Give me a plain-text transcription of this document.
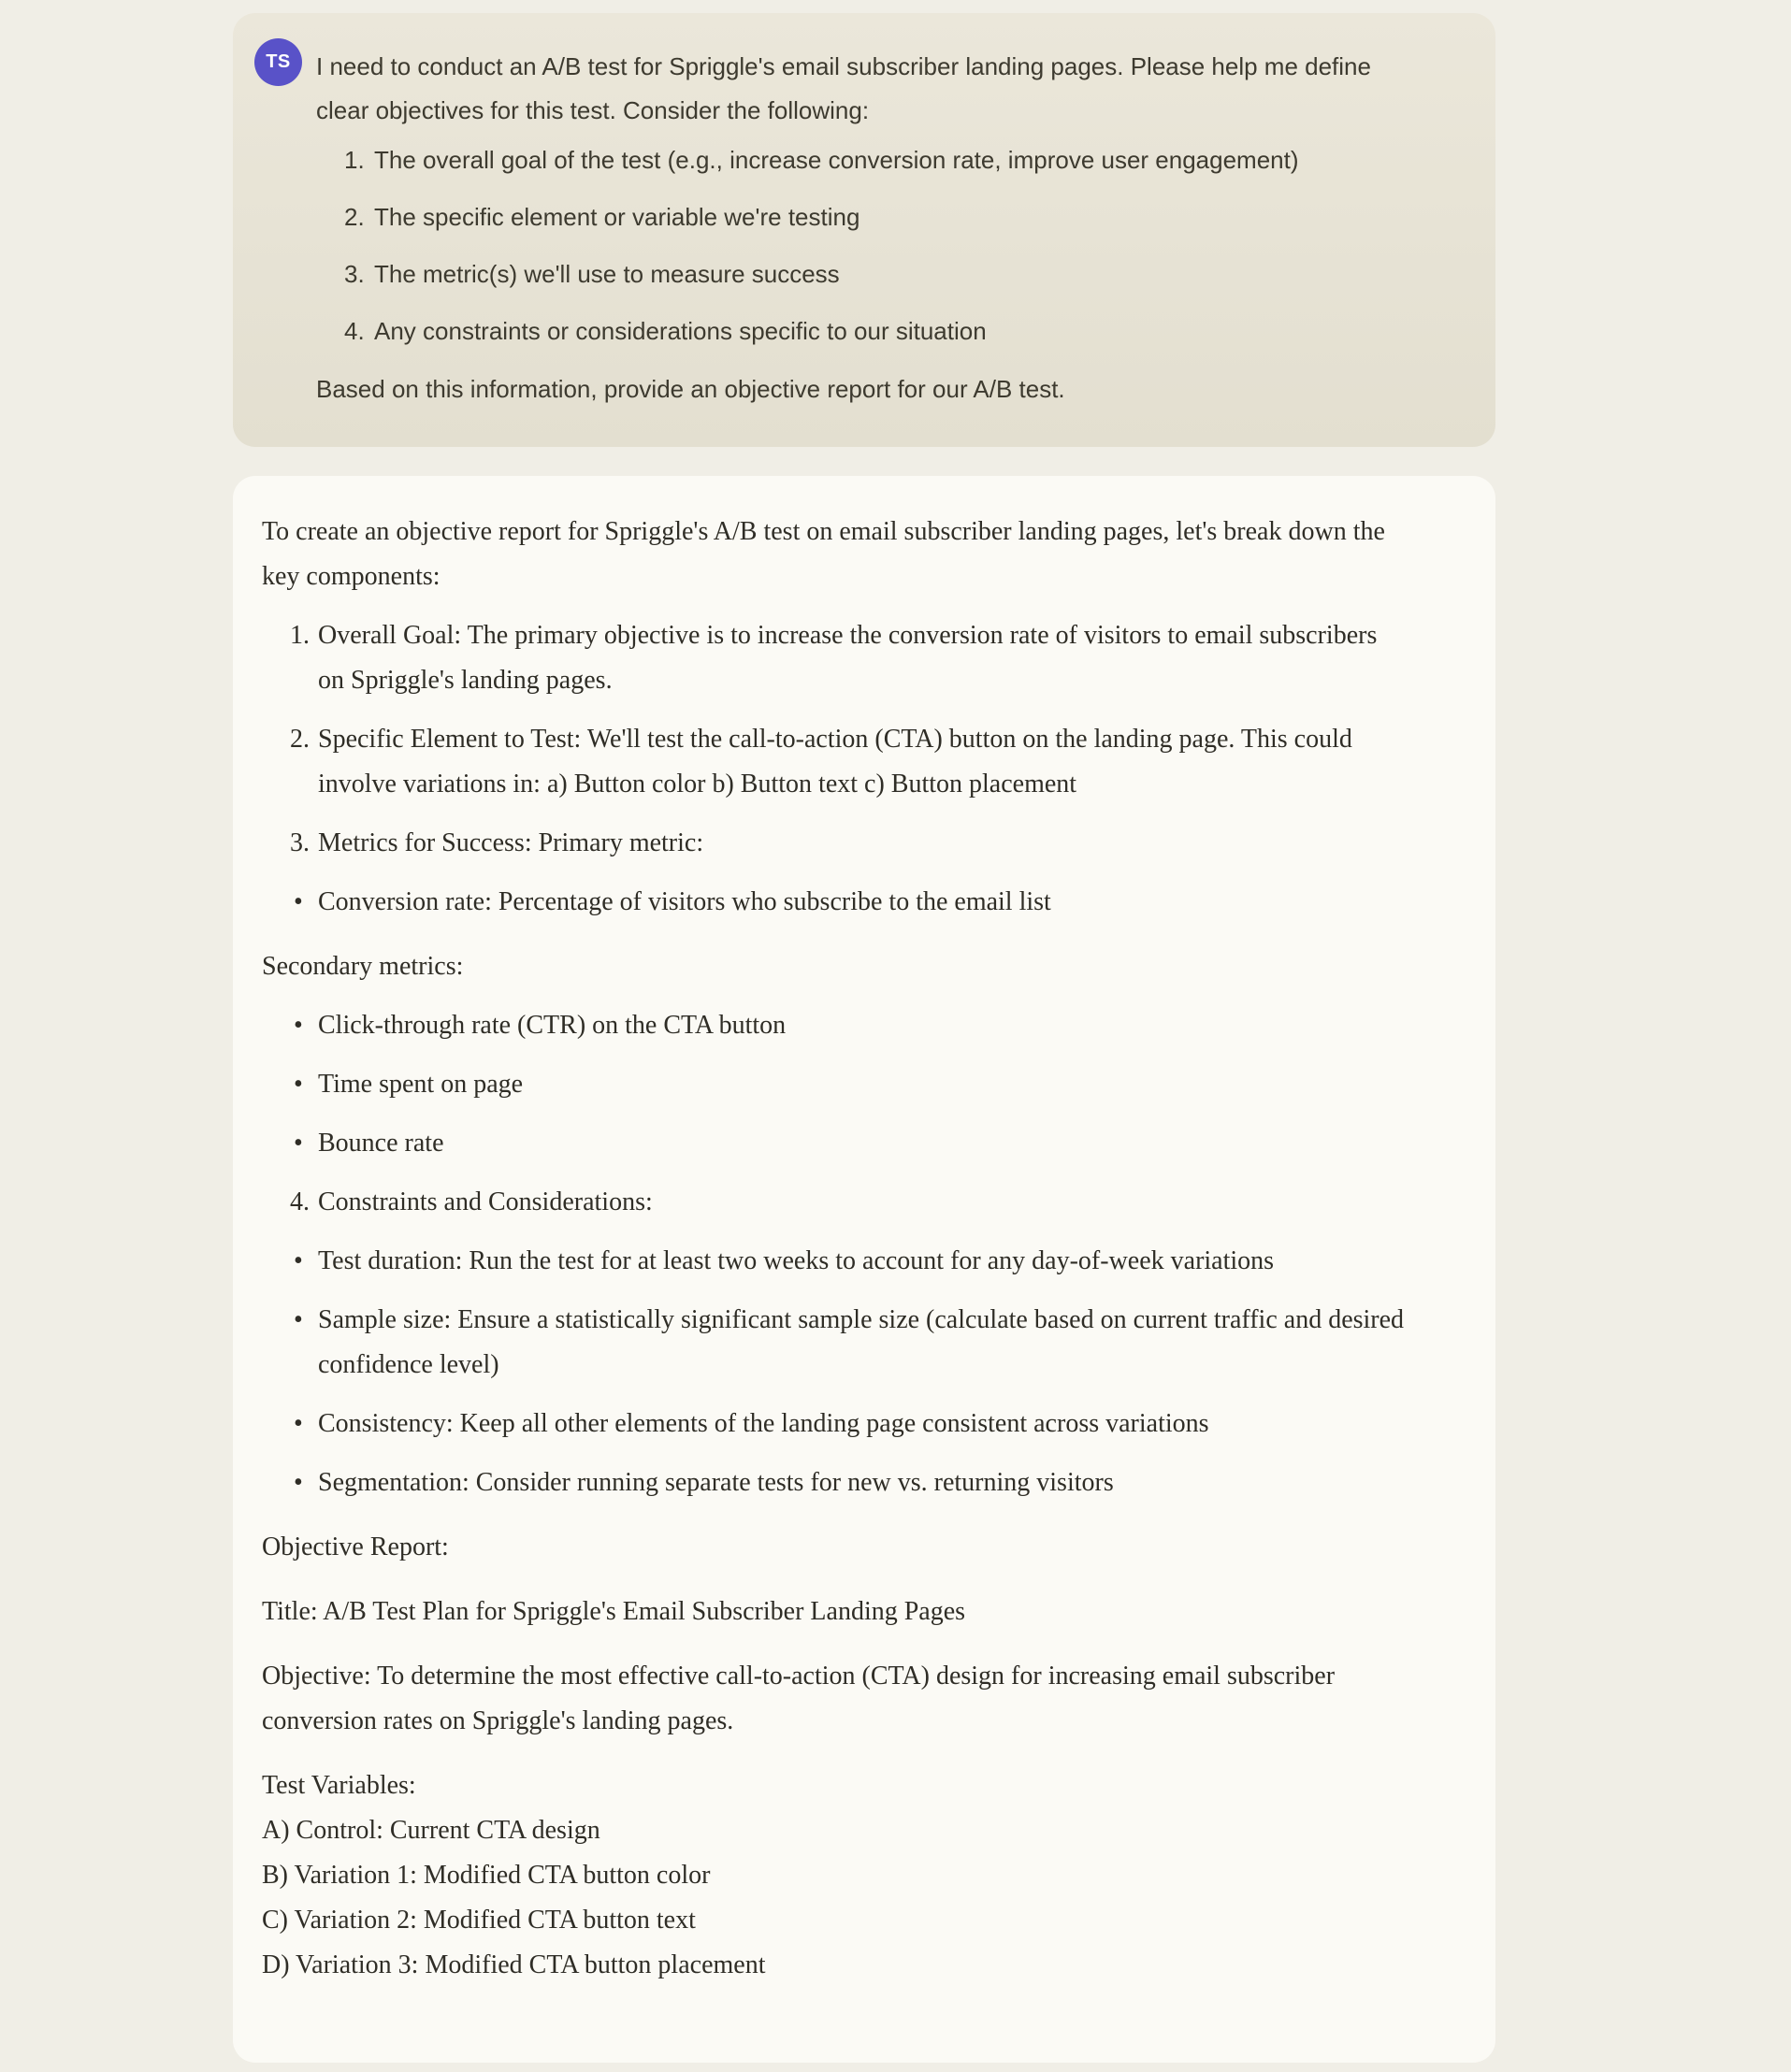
TS	I need to conduct an A/B test for Spriggle's email subscriber landing pages. Please help me define clear objectives for this test. Consider the following:

1. The overall goal of the test (e.g., increase conversion rate, improve user engagement)
2. The specific element or variable we're testing
3. The metric(s) we'll use to measure success
4. Any constraints or considerations specific to our situation

Based on this information, provide an objective report for our A/B test.

To create an objective report for Spriggle's A/B test on email subscriber landing pages, let's break down the key components:

1. Overall Goal: The primary objective is to increase the conversion rate of visitors to email subscribers on Spriggle's landing pages.
2. Specific Element to Test: We'll test the call-to-action (CTA) button on the landing page. This could involve variations in: a) Button color b) Button text c) Button placement
3. Metrics for Success: Primary metric:
• Conversion rate: Percentage of visitors who subscribe to the email list

Secondary metrics:

• Click-through rate (CTR) on the CTA button
• Time spent on page
• Bounce rate
4. Constraints and Considerations:
• Test duration: Run the test for at least two weeks to account for any day-of-week variations
• Sample size: Ensure a statistically significant sample size (calculate based on current traffic and desired confidence level)
• Consistency: Keep all other elements of the landing page consistent across variations
• Segmentation: Consider running separate tests for new vs. returning visitors

Objective Report:

Title: A/B Test Plan for Spriggle's Email Subscriber Landing Pages

Objective: To determine the most effective call-to-action (CTA) design for increasing email subscriber conversion rates on Spriggle's landing pages.

Test Variables:
A) Control: Current CTA design
B) Variation 1: Modified CTA button color
C) Variation 2: Modified CTA button text
D) Variation 3: Modified CTA button placement
